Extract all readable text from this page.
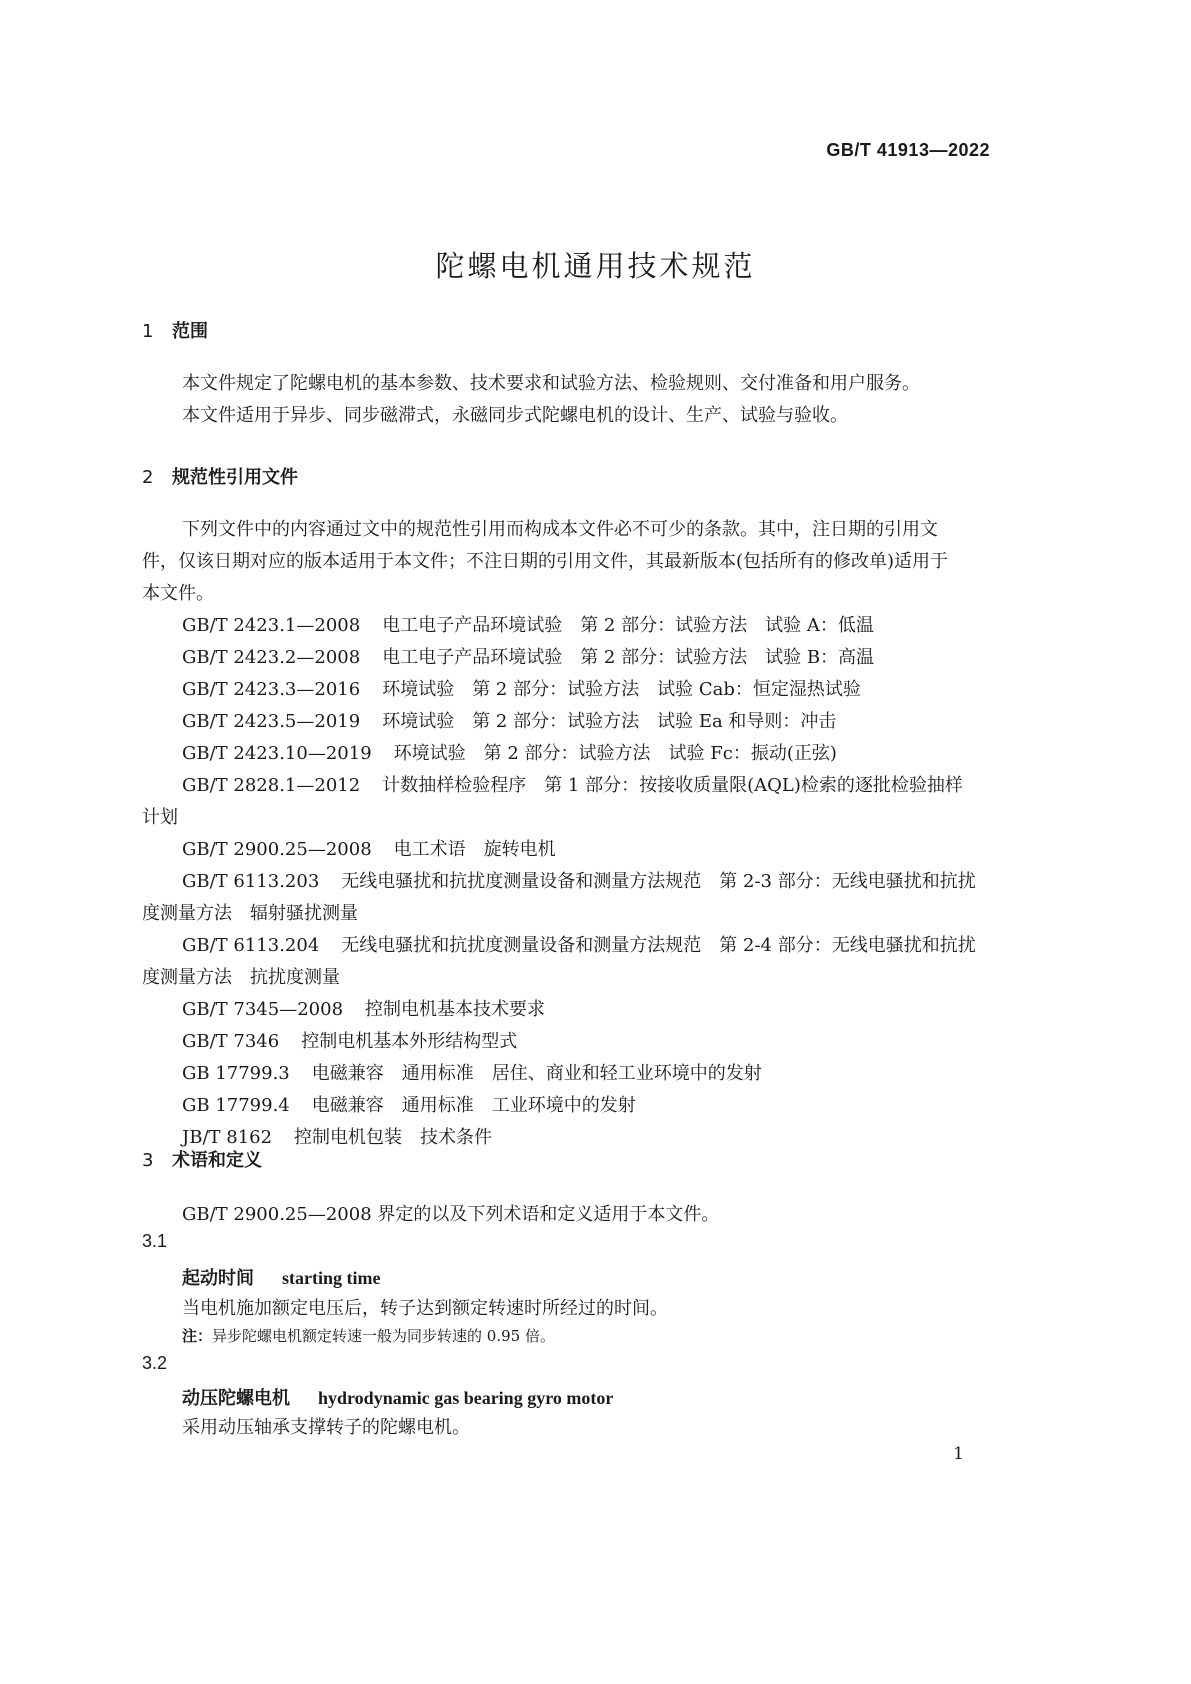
GB/T 41913—2022
陀螺电机通用技术规范
1 范围
本文件规定了陀螺电机的基本参数、技术要求和试验方法、检验规则、交付准备和用户服务。
本文件适用于异步、同步磁滞式，永磁同步式陀螺电机的设计、生产、试验与验收。
2 规范性引用文件
下列文件中的内容通过文中的规范性引用而构成本文件必不可少的条款。其中，注日期的引用文
件，仅该日期对应的版本适用于本文件；不注日期的引用文件，其最新版本(包括所有的修改单)适用于
本文件。
GB/T 2423.1—2008 电工电子产品环境试验　第 2 部分：试验方法　试验 A：低温
GB/T 2423.2—2008 电工电子产品环境试验　第 2 部分：试验方法　试验 B：高温
GB/T 2423.3—2016 环境试验　第 2 部分：试验方法　试验 Cab：恒定湿热试验
GB/T 2423.5—2019 环境试验　第 2 部分：试验方法　试验 Ea 和导则：冲击
GB/T 2423.10—2019 环境试验　第 2 部分：试验方法　试验 Fc：振动(正弦)
GB/T 2828.1—2012 计数抽样检验程序　第 1 部分：按接收质量限(AQL)检索的逐批检验抽样
计划
GB/T 2900.25—2008 电工术语　旋转电机
GB/T 6113.203 无线电骚扰和抗扰度测量设备和测量方法规范　第 2-3 部分：无线电骚扰和抗扰
度测量方法　辐射骚扰测量
GB/T 6113.204 无线电骚扰和抗扰度测量设备和测量方法规范　第 2-4 部分：无线电骚扰和抗扰
度测量方法　抗扰度测量
GB/T 7345—2008 控制电机基本技术要求
GB/T 7346 控制电机基本外形结构型式
GB 17799.3 电磁兼容　通用标准　居住、商业和轻工业环境中的发射
GB 17799.4 电磁兼容　通用标准　工业环境中的发射
JB/T 8162 控制电机包装　技术条件
3 术语和定义
GB/T 2900.25—2008 界定的以及下列术语和定义适用于本文件。
3.1
起动时间 starting time
当电机施加额定电压后，转子达到额定转速时所经过的时间。
注：异步陀螺电机额定转速一般为同步转速的 0.95 倍。
3.2
动压陀螺电机 hydrodynamic gas bearing gyro motor
采用动压轴承支撑转子的陀螺电机。
1
